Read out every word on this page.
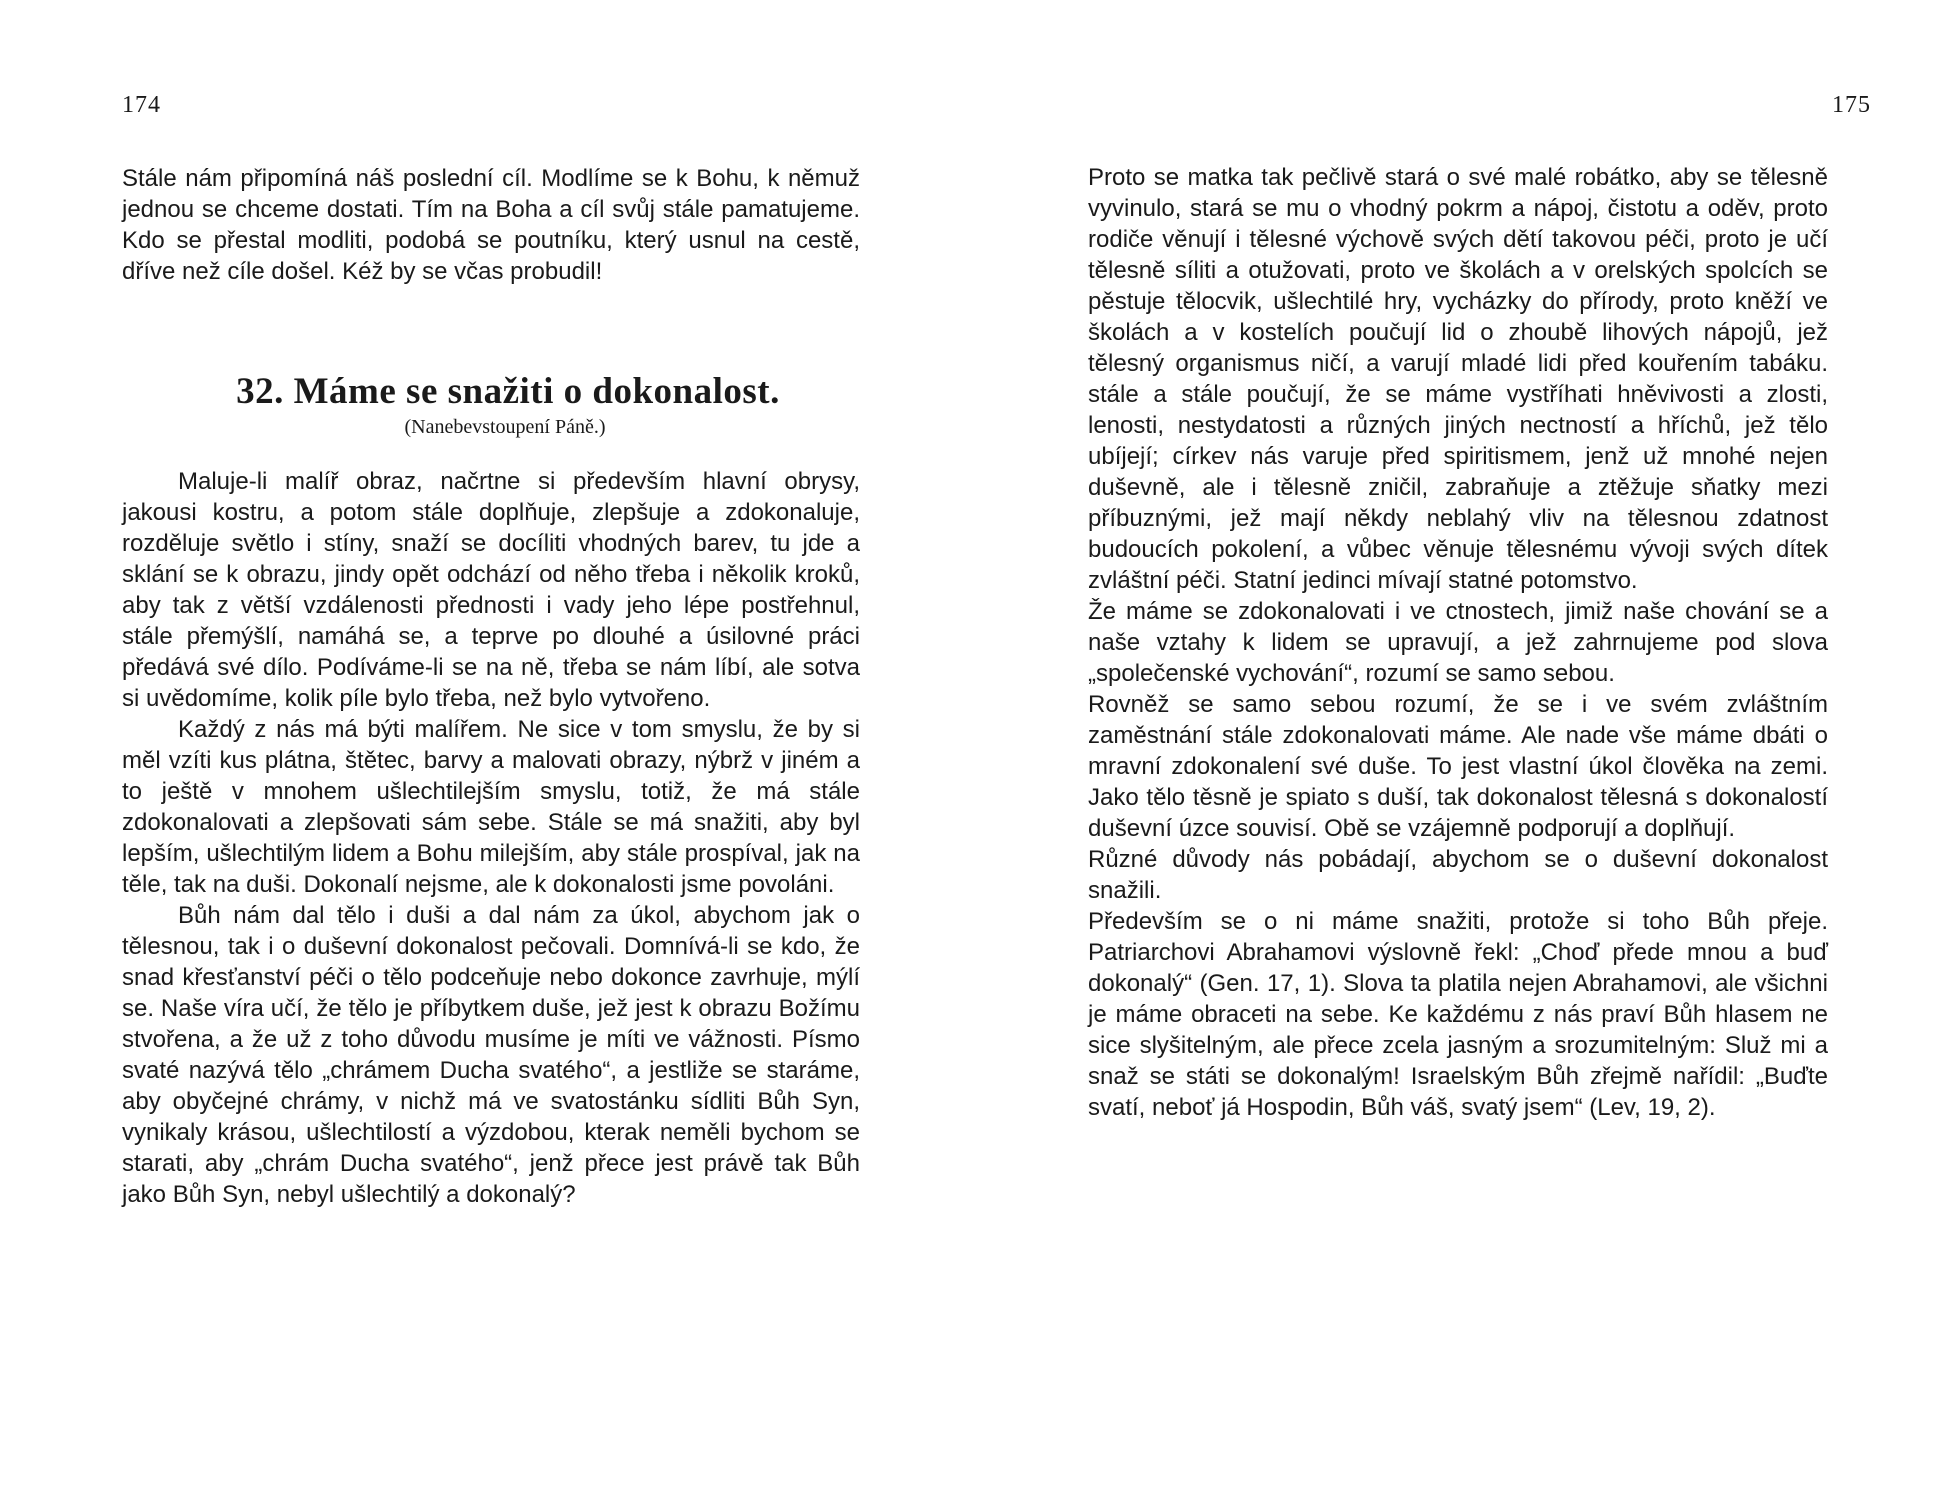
174

Stále nám připomíná náš poslední cíl. Modlíme se k Bohu, k němuž jednou se chceme dostati. Tím na Boha a cíl svůj stále pamatujeme. Kdo se přestal modliti, podobá se poutníku, který usnul na cestě, dříve než cíle došel. Kéž by se včas probudil!

32. Máme se snažiti o dokonalost.
(Nanebevstoupení Páně.)

Maluje-li malíř obraz, načrtne si především hlavní obrysy, jakousi kostru, a potom stále doplňuje, zlepšuje a zdokonaluje, rozděluje světlo i stíny, snaží se docíliti vhodných barev, tu jde a sklání se k obrazu, jindy opět odchází od něho třeba i několik kroků, aby tak z větší vzdálenosti přednosti i vady jeho lépe postřehnul, stále přemýšlí, namáhá se, a teprve po dlouhé a úsilovné práci předává své dílo. Podíváme-li se na ně, třeba se nám líbí, ale sotva si uvědomíme, kolik píle bylo třeba, než bylo vytvořeno.

Každý z nás má býti malířem. Ne sice v tom smyslu, že by si měl vzíti kus plátna, štětec, barvy a malovati obrazy, nýbrž v jiném a to ještě v mnohem ušlechtilejším smyslu, totiž, že má stále zdokonalovati a zlepšovati sám sebe. Stále se má snažiti, aby byl lepším, ušlechtilým lidem a Bohu milejším, aby stále prospíval, jak na těle, tak na duši. Dokonalí nejsme, ale k dokonalosti jsme povoláni.

Bůh nám dal tělo i duši a dal nám za úkol, abychom jak o tělesnou, tak i o duševní dokonalost pečovali. Domnívá-li se kdo, že snad křesťanství péči o tělo podceňuje nebo dokonce zavrhuje, mýlí se. Naše víra učí, že tělo je příbytkem duše, jež jest k obrazu Božímu stvořena, a že už z toho důvodu musíme je míti ve vážnosti. Písmo svaté nazývá tělo „chrámem Ducha svatého“, a jestliže se staráme, aby obyčejné chrámy, v nichž má ve svatostánku sídliti Bůh Syn, vynikaly krásou, ušlechtilostí a výzdobou, kterak neměli bychom se starati, aby „chrám Ducha svatého“, jenž přece jest právě tak Bůh jako Bůh Syn, nebyl ušlechtilý a dokonalý?

175

Proto se matka tak pečlivě stará o své malé robátko, aby se tělesně vyvinulo, stará se mu o vhodný pokrm a nápoj, čistotu a oděv, proto rodiče věnují i tělesné výchově svých dětí takovou péči, proto je učí tělesně síliti a otužovati, proto ve školách a v orelských spolcích se pěstuje tělocvik, ušlechtilé hry, vycházky do přírody, proto kněží ve školách a v kostelích poučují lid o zhoubě lihových nápojů, jež tělesný organismus ničí, a varují mladé lidi před kouřením tabáku. stále a stále poučují, že se máme vystříhati hněvivosti a zlosti, lenosti, nestydatosti a různých jiných nectností a hříchů, jež tělo ubíjejí; církev nás varuje před spiritismem, jenž už mnohé nejen duševně, ale i tělesně zničil, zabraňuje a ztěžuje sňatky mezi příbuznými, jež mají někdy neblahý vliv na tělesnou zdatnost budoucích pokolení, a vůbec věnuje tělesnému vývoji svých dítek zvláštní péči. Statní jedinci mívají statné potomstvo.

Že máme se zdokonalovati i ve ctnostech, jimiž naše chování se a naše vztahy k lidem se upravují, a jež zahrnujeme pod slova „společenské vychování“, rozumí se samo sebou.

Rovněž se samo sebou rozumí, že se i ve svém zvláštním zaměstnání stále zdokonalovati máme. Ale nade vše máme dbáti o mravní zdokonalení své duše. To jest vlastní úkol člověka na zemi. Jako tělo těsně je spiato s duší, tak dokonalost tělesná s dokonalostí duševní úzce souvisí. Obě se vzájemně podporují a doplňují.

Různé důvody nás pobádají, abychom se o duševní dokonalost snažili.

Především se o ni máme snažiti, protože si toho Bůh přeje. Patriarchovi Abrahamovi výslovně řekl: „Choď přede mnou a buď dokonalý“ (Gen. 17, 1). Slova ta platila nejen Abrahamovi, ale všichni je máme obraceti na sebe. Ke každému z nás praví Bůh hlasem ne sice slyšitelným, ale přece zcela jasným a srozumitelným: Služ mi a snaž se státi se dokonalým! Israelským Bůh zřejmě nařídil: „Buďte svatí, neboť já Hospodin, Bůh váš, svatý jsem“ (Lev, 19, 2).
